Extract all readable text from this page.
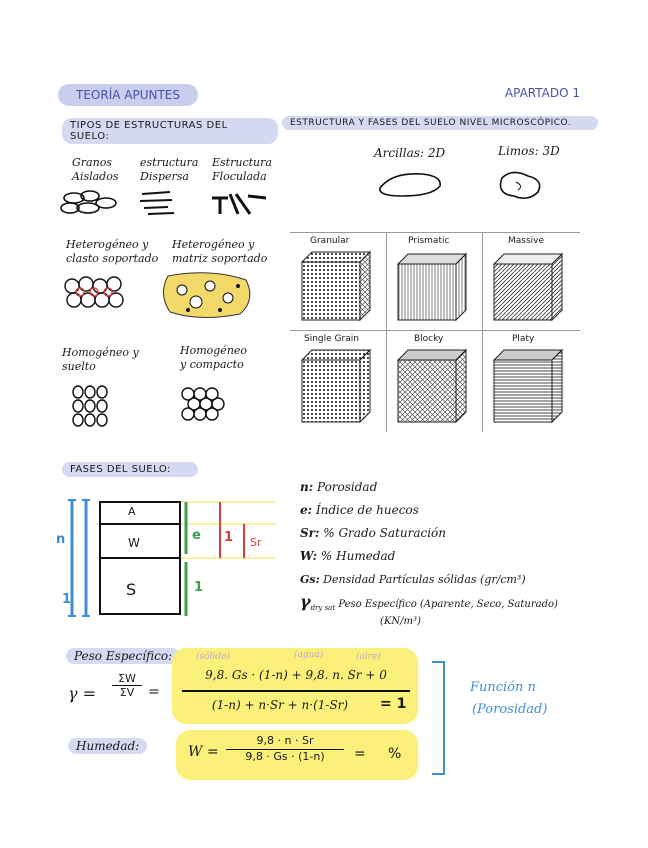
TEORÍA APUNTES	APARTADO 1
TIPOS DE ESTRUCTURAS DEL SUELO:
ESTRUCTURA Y FASES DEL SUELO NIVEL MICROSCÓPICO.
Granos
Aislados
estructura
Dispersa
Estructura
Floculada
Heterogéneo y
clasto soportado
Heterogéneo y
matriz soportado
Homogéneo y
suelto
Homogéneo
y compacto
Arcillas: 2D	Limos: 3D
Granular	Prismatic	Massive
Single Grain	Blocky	Platy
FASES DEL SUELO:
A
W
S
n
1
e 1 Sr
1
n: Porosidad
e: Índice de huecos
Sr: % Grado Saturación
W: % Humedad
Gs: Densidad Partículas sólidas (gr/cm³)
$\gamma_{dry sat}$ Peso Específico (Aparente, Seco, Saturado)
(KN/m³)
Peso Específico:	(sólido)	(agua)	(aire)
γ =
ΣW
ΣV =
9,8. Gs · (1-n) + 9,8. n. Sr + 0
(1-n) + n·Sr + n·(1-Sr)	= 1
Humedad:	W =
9,8 · n · Sr
9,8 · Gs · (1-n)	= %
Función n
(Porosidad)
